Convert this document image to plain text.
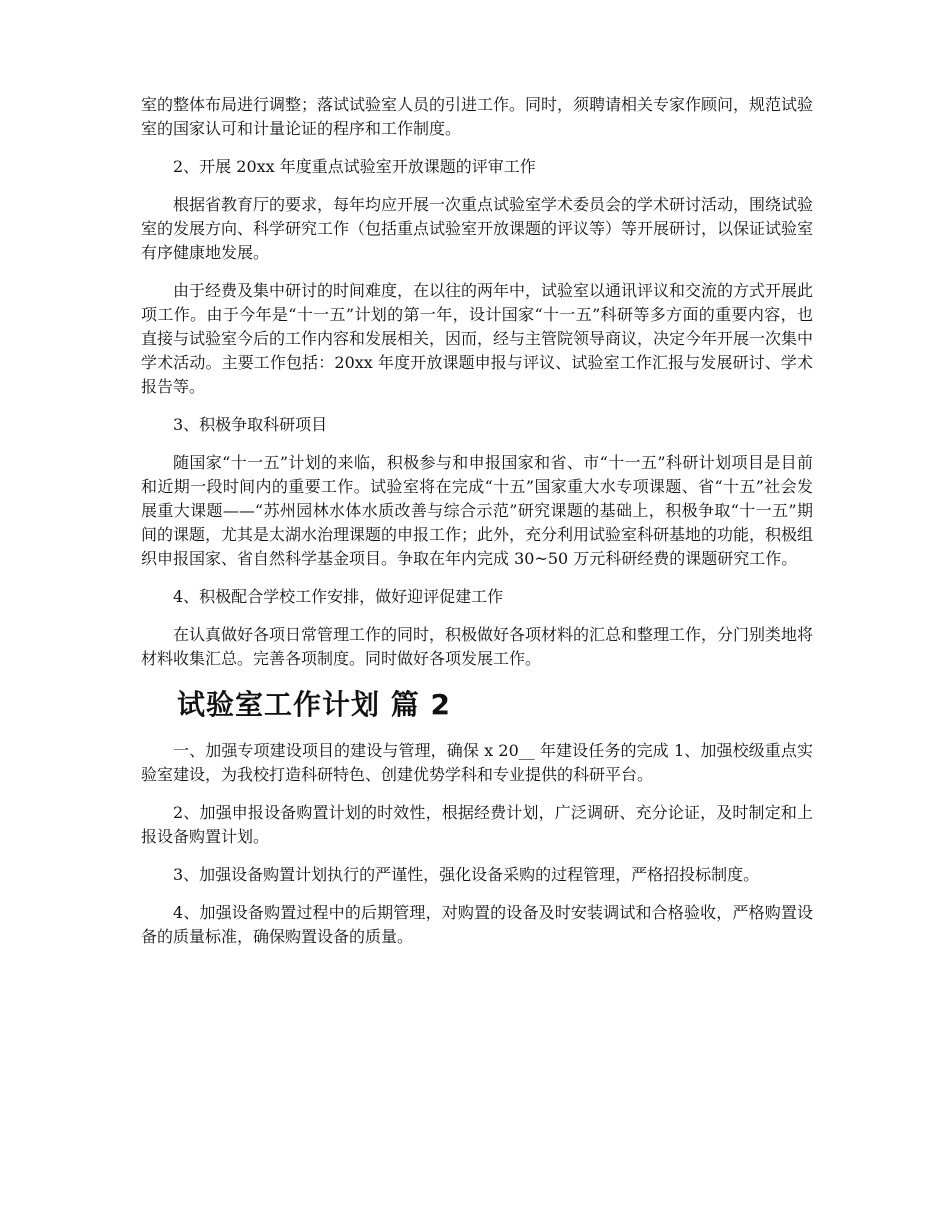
室的整体布局进行调整；落试试验室人员的引进工作。同时，须聘请相关专家作顾问，规范试验室的国家认可和计量论证的程序和工作制度。

2、开展 20xx 年度重点试验室开放课题的评审工作

根据省教育厅的要求，每年均应开展一次重点试验室学术委员会的学术研讨活动，围绕试验室的发展方向、科学研究工作（包括重点试验室开放课题的评议等）等开展研讨，以保证试验室有序健康地发展。

由于经费及集中研讨的时间难度，在以往的两年中，试验室以通讯评议和交流的方式开展此项工作。由于今年是“十一五”计划的第一年，设计国家“十一五”科研等多方面的重要内容，也直接与试验室今后的工作内容和发展相关，因而，经与主管院领导商议，决定今年开展一次集中学术活动。主要工作包括：20xx 年度开放课题申报与评议、试验室工作汇报与发展研讨、学术报告等。

3、积极争取科研项目

随国家“十一五”计划的来临，积极参与和申报国家和省、市“十一五”科研计划项目是目前和近期一段时间内的重要工作。试验室将在完成“十五”国家重大水专项课题、省“十五”社会发展重大课题——“苏州园林水体水质改善与综合示范”研究课题的基础上，积极争取“十一五”期间的课题，尤其是太湖水治理课题的申报工作；此外，充分利用试验室科研基地的功能，积极组织申报国家、省自然科学基金项目。争取在年内完成 30~50 万元科研经费的课题研究工作。

4、积极配合学校工作安排，做好迎评促建工作

在认真做好各项日常管理工作的同时，积极做好各项材料的汇总和整理工作，分门别类地将材料收集汇总。完善各项制度。同时做好各项发展工作。

试验室工作计划 篇 2

一、加强专项建设项目的建设与管理，确保 x 20__ 年建设任务的完成 1、加强校级重点实验室建设，为我校打造科研特色、创建优势学科和专业提供的科研平台。

2、加强申报设备购置计划的时效性，根据经费计划，广泛调研、充分论证，及时制定和上报设备购置计划。

3、加强设备购置计划执行的严谨性，强化设备采购的过程管理，严格招投标制度。

4、加强设备购置过程中的后期管理，对购置的设备及时安装调试和合格验收，严格购置设备的质量标准，确保购置设备的质量。
